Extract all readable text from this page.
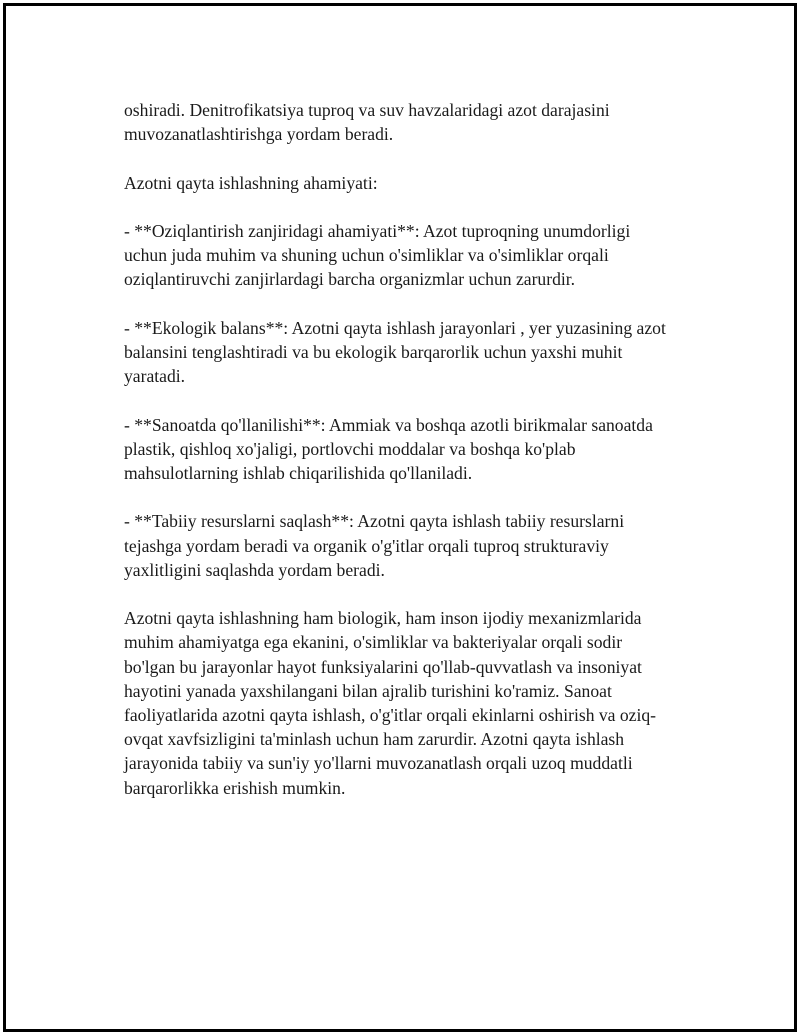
oshiradi. Denitrofikatsiya tuproq va suv havzalaridagi azot darajasini
muvozanatlashtirishga yordam beradi.

Azotni qayta ishlashning ahamiyati:

- **Oziqlantirish zanjiridagi ahamiyati**: Azot tuproqning unumdorligi
uchun juda muhim va shuning uchun o'simliklar va o'simliklar orqali
oziqlantiruvchi zanjirlardagi barcha organizmlar uchun zarurdir.

- **Ekologik balans**: Azotni qayta ishlash jarayonlari , yer yuzasining azot
balansini tenglashtiradi va bu ekologik barqarorlik uchun yaxshi muhit
yaratadi.

- **Sanoatda qo'llanilishi**: Ammiak va boshqa azotli birikmalar sanoatda
plastik, qishloq xo'jaligi, portlovchi moddalar va boshqa ko'plab
mahsulotlarning ishlab chiqarilishida qo'llaniladi.

- **Tabiiy resurslarni saqlash**: Azotni qayta ishlash tabiiy resurslarni
tejashga yordam beradi va organik o'g'itlar orqali tuproq strukturaviy
yaxlitligini saqlashda yordam beradi.

Azotni qayta ishlashning ham biologik, ham inson ijodiy mexanizmlarida
muhim ahamiyatga ega ekanini, o'simliklar va bakteriyalar orqali sodir
bo'lgan bu jarayonlar hayot funksiyalarini qo'llab-quvvatlash va insoniyat
hayotini yanada yaxshilangani bilan ajralib turishini ko'ramiz. Sanoat
faoliyatlarida azotni qayta ishlash, o'g'itlar orqali ekinlarni oshirish va oziq-
ovqat xavfsizligini ta'minlash uchun ham zarurdir. Azotni qayta ishlash
jarayonida tabiiy va sun'iy yo'llarni muvozanatlash orqali uzoq muddatli
barqarorlikka erishish mumkin.
